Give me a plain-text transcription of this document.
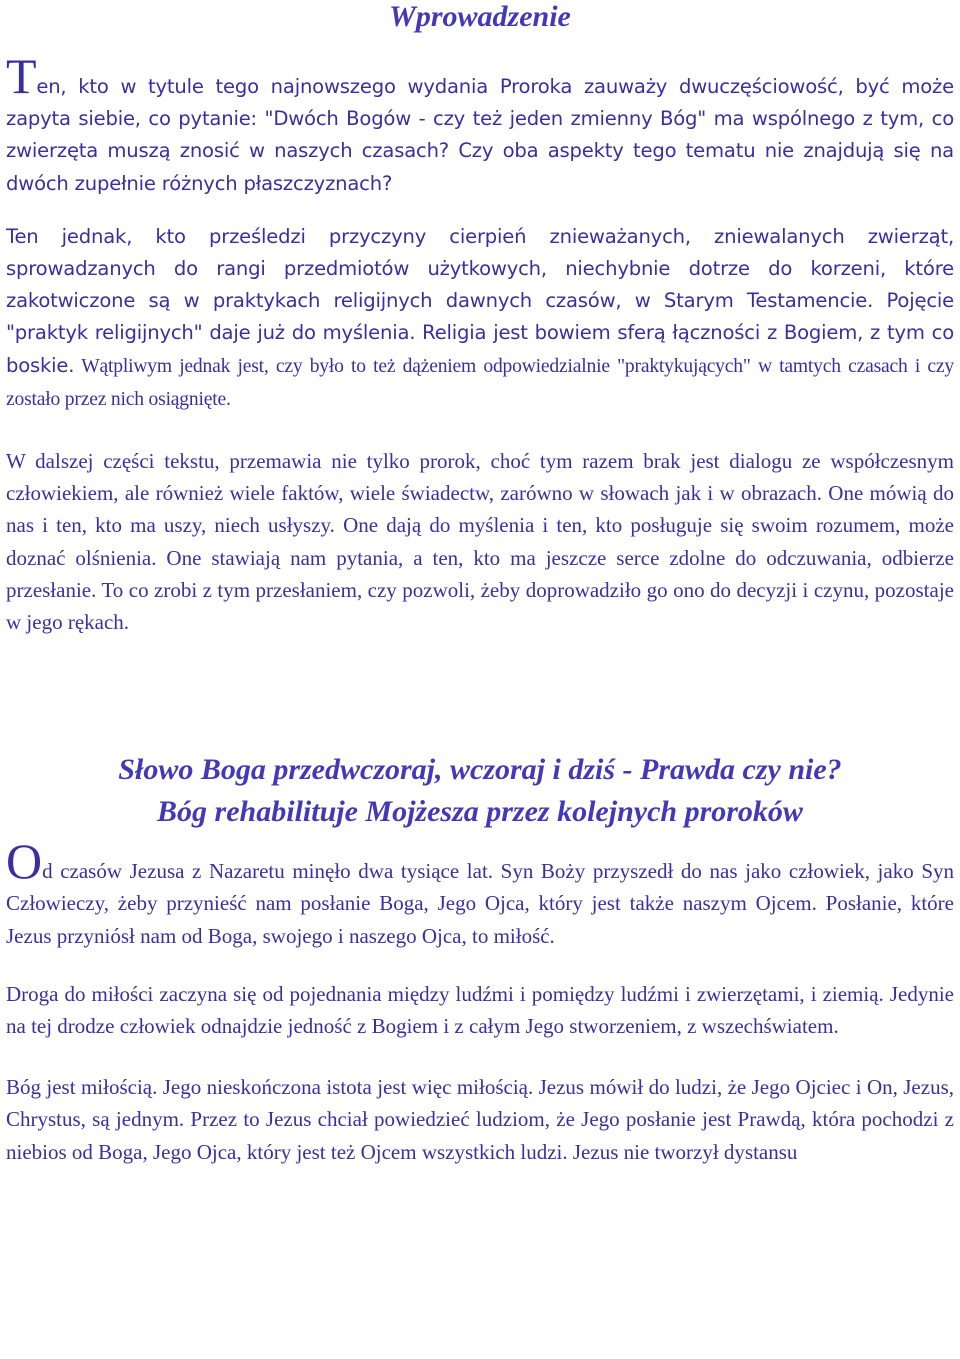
Wprowadzenie

Ten, kto w tytule tego najnowszego wydania Proroka zauważy dwuczęściowość, być może zapyta siebie, co pytanie: "Dwóch Bogów - czy też jeden zmienny Bóg" ma wspólnego z tym, co zwierzęta muszą znosić w naszych czasach? Czy oba aspekty tego tematu nie znajdują się na dwóch zupełnie różnych płaszczyznach?

Ten jednak, kto prześledzi przyczyny cierpień znieważanych, zniewalanych zwierząt, sprowadzanych do rangi przedmiotów użytkowych, niechybnie dotrze do korzeni, które zakotwiczone są w praktykach religijnych dawnych czasów, w Starym Testamencie. Pojęcie "praktyk religijnych" daje już do myślenia. Religia jest bowiem sferą łączności z Bogiem, z tym co boskie. Wątpliwym jednak jest, czy było to też dążeniem odpowiedzialnie "praktykujących" w tamtych czasach i czy zostało przez nich osiągnięte.

W dalszej części tekstu, przemawia nie tylko prorok, choć tym razem brak jest dialogu ze współczesnym człowiekiem, ale również wiele faktów, wiele świadectw, zarówno w słowach jak i w obrazach. One mówią do nas i ten, kto ma uszy, niech usłyszy. One dają do myślenia i ten, kto posługuje się swoim rozumem, może doznać olśnienia. One stawiają nam pytania, a ten, kto ma jeszcze serce zdolne do odczuwania, odbierze przesłanie. To co zrobi z tym przesłaniem, czy pozwoli, żeby doprowadziło go ono do decyzji i czynu, pozostaje w jego rękach.

Słowo Boga przedwczoraj, wczoraj i dziś - Prawda czy nie?
Bóg rehabilituje Mojżesza przez kolejnych proroków

Od czasów Jezusa z Nazaretu minęło dwa tysiące lat. Syn Boży przyszedł do nas jako człowiek, jako Syn Człowieczy, żeby przynieść nam posłanie Boga, Jego Ojca, który jest także naszym Ojcem. Posłanie, które Jezus przyniósł nam od Boga, swojego i naszego Ojca, to miłość.

Droga do miłości zaczyna się od pojednania między ludźmi i pomiędzy ludźmi i zwierzętami, i ziemią. Jedynie na tej drodze człowiek odnajdzie jedność z Bogiem i z całym Jego stworzeniem, z wszechświatem.

Bóg jest miłością. Jego nieskończona istota jest więc miłością. Jezus mówił do ludzi, że Jego Ojciec i On, Jezus, Chrystus, są jednym. Przez to Jezus chciał powiedzieć ludziom, że Jego posłanie jest Prawdą, która pochodzi z niebios od Boga, Jego Ojca, który jest też Ojcem wszystkich ludzi. Jezus nie tworzył dystansu
